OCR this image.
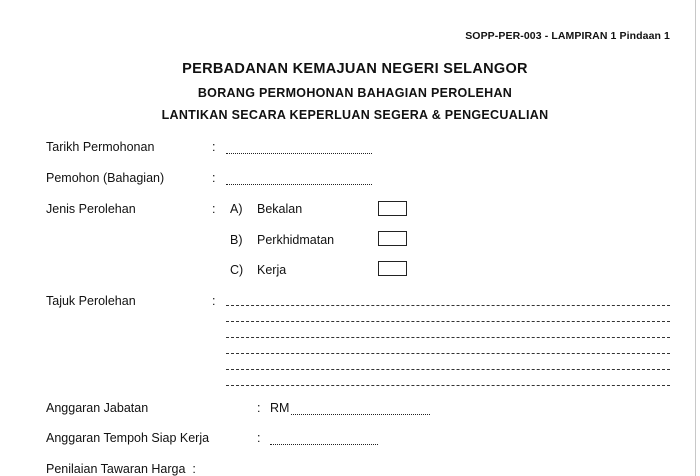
SOPP-PER-003 - LAMPIRAN 1 Pindaan 1
PERBADANAN KEMAJUAN NEGERI SELANGOR
BORANG PERMOHONAN BAHAGIAN PEROLEHAN
LANTIKAN SECARA KEPERLUAN SEGERA & PENGECUALIAN
Tarikh Permohonan	:
Pemohon (Bahagian)	:
Jenis Perolehan	: A) Bekalan
B) Perkhidmatan
C) Kerja
Tajuk Perolehan	:
Anggaran Jabatan	: RM
Anggaran Tempoh Siap Kerja	:
Penilaian Tawaran Harga  :
